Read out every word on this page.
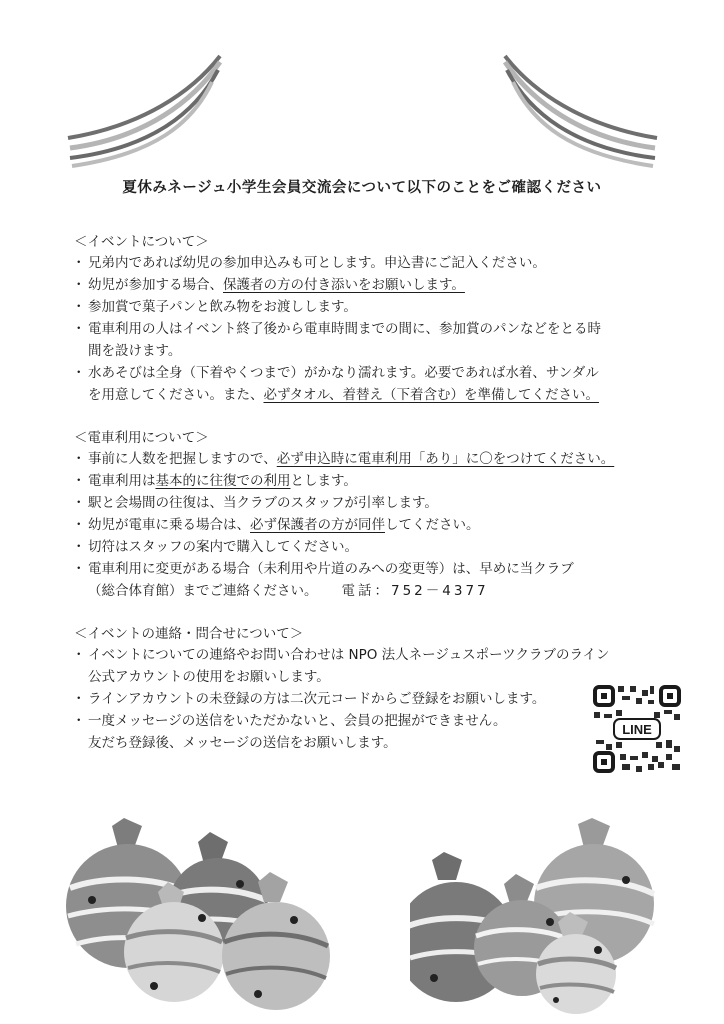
夏休みネージュ小学生会員交流会について以下のことをご確認ください
＜イベントについて＞
・ 兄弟内であれば幼児の参加申込みも可とします。申込書にご記入ください。
・ 幼児が参加する場合、保護者の方の付き添いをお願いします。
・ 参加賞で菓子パンと飲み物をお渡しします。
・ 電車利用の人はイベント終了後から電車時間までの間に、参加賞のパンなどをとる時
間を設けます。
・ 水あそびは全身（下着やくつまで）がかなり濡れます。必要であれば水着、サンダル
を用意してください。また、必ずタオル、着替え（下着含む）を準備してください。
＜電車利用について＞
・ 事前に人数を把握しますので、必ず申込時に電車利用「あり」に〇をつけてください。
・ 電車利用は基本的に往復での利用とします。
・ 駅と会場間の往復は、当クラブのスタッフが引率します。
・ 幼児が電車に乗る場合は、必ず保護者の方が同伴してください。
・ 切符はスタッフの案内で購入してください。
・ 電車利用に変更がある場合（未利用や片道のみへの変更等）は、早めに当クラブ
（総合体育館）までご連絡ください。 電話：752－4377
＜イベントの連絡・問合せについて＞
・ イベントについての連絡やお問い合わせは NPO 法人ネージュスポーツクラブのライン
公式アカウントの使用をお願いします。
・ ラインアカウントの未登録の方は二次元コードからご登録をお願いします。
・ 一度メッセージの送信をいただかないと、会員の把握ができません。
友だち登録後、メッセージの送信をお願いします。
LINE
